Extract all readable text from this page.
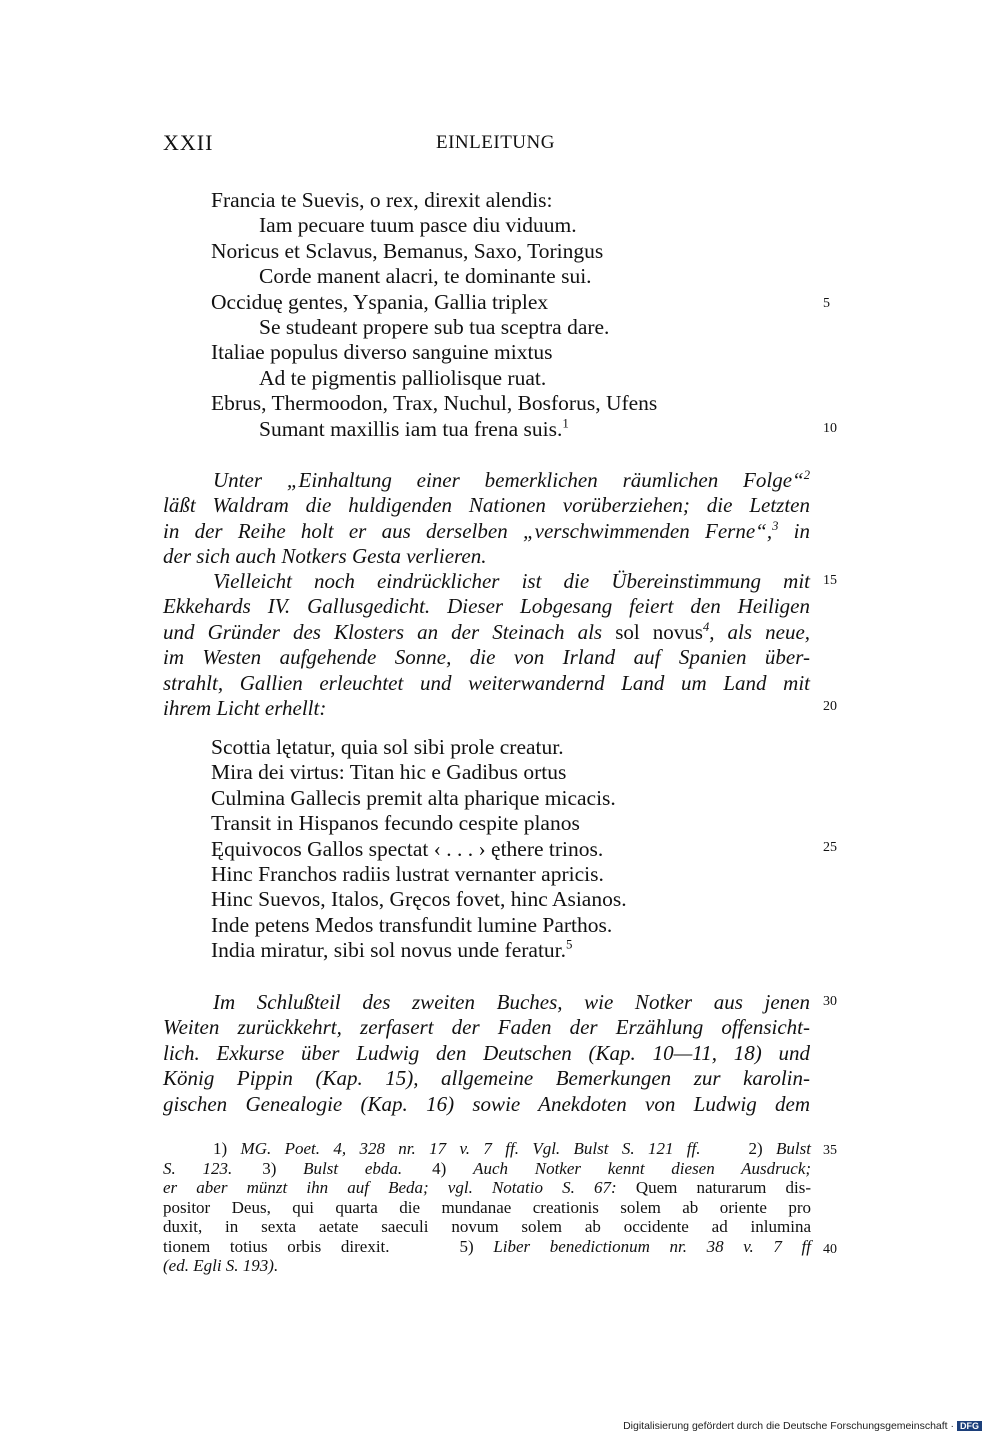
XXII	EINLEITUNG
Francia te Suevis, o rex, direxit alendis:
Iam pecuare tuum pasce diu viduum.
Noricus et Sclavus, Bemanus, Saxo, Toringus
Corde manent alacri, te dominante sui.
Occiduę gentes, Yspania, Gallia triplex
Se studeant propere sub tua sceptra dare.
Italiae populus diverso sanguine mixtus
Ad te pigmentis palliolisque ruat.
Ebrus, Thermoodon, Trax, Nuchul, Bosforus, Ufens
Sumant maxillis iam tua frena suis.$^1$
Unter „Einhaltung einer bemerklichen räumlichen Folge“$^2$
läßt Waldram die huldigenden Nationen vorüberziehen; die Letzten
in der Reihe holt er aus derselben „verschwimmenden Ferne“,$^3$ in
der sich auch Notkers Gesta verlieren.
Vielleicht noch eindrücklicher ist die Übereinstimmung mit
Ekkehards IV. Gallusgedicht. Dieser Lobgesang feiert den Heiligen
und Gründer des Klosters an der Steinach als sol novus$^4$, als neue,
im Westen aufgehende Sonne, die von Irland auf Spanien über-
strahlt, Gallien erleuchtet und weiterwandernd Land um Land mit
ihrem Licht erhellt:
Scottia lętatur, quia sol sibi prole creatur.
Mira dei virtus: Titan hic e Gadibus ortus
Culmina Gallecis premit alta pharique micacis.
Transit in Hispanos fecundo cespite planos
Ęquivocos Gallos spectat ‹ . . . › ęthere trinos.
Hinc Franchos radiis lustrat vernanter apricis.
Hinc Suevos, Italos, Gręcos fovet, hinc Asianos.
Inde petens Medos transfundit lumine Parthos.
India miratur, sibi sol novus unde feratur.$^5$
Im Schlußteil des zweiten Buches, wie Notker aus jenen
Weiten zurückkehrt, zerfasert der Faden der Erzählung offensicht-
lich. Exkurse über Ludwig den Deutschen (Kap. 10—11, 18) und
König Pippin (Kap. 15), allgemeine Bemerkungen zur karolin-
gischen Genealogie (Kap. 16) sowie Anekdoten von Ludwig dem
1) MG. Poet. 4, 328 nr. 17 v. 7 ff. Vgl. Bulst S. 121 ff.	2) Bulst
S. 123. 3) Bulst ebda. 4) Auch Notker kennt diesen Ausdruck;
er aber münzt ihn auf Beda; vgl. Notatio S. 67: Quem naturarum dis-
positor Deus, qui quarta die mundanae creationis solem ab oriente pro
duxit, in sexta aetate saeculi novum solem ab occidente ad inlumina
tionem totius orbis direxit.	5) Liber benedictionum nr. 38 v. 7 ff
(ed. Egli S. 193).
5
10
15
20
25
30
35
40
Digitalisierung gefördert durch die Deutsche Forschungsgemeinschaft · DFG
